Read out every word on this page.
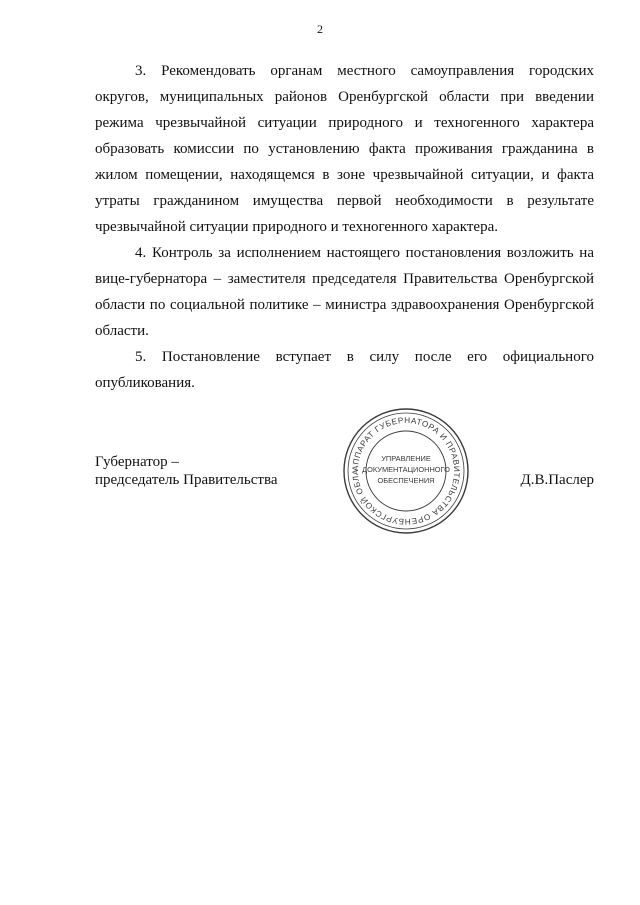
2

3. Рекомендовать органам местного самоуправления городских округов, муниципальных районов Оренбургской области при введении режима чрезвычайной ситуации природного и техногенного характера образовать комиссии по установлению факта проживания гражданина в жилом помещении, находящемся в зоне чрезвычайной ситуации, и факта утраты гражданином имущества первой необходимости в результате чрезвычайной ситуации природного и техногенного характера.

4. Контроль за исполнением настоящего постановления возложить на вице-губернатора – заместителя председателя Правительства Оренбургской области по социальной политике – министра здравоохранения Оренбургской области.

5. Постановление вступает в силу после его официального опубликования.

Губернатор –
председатель Правительства
АППАРАТ ГУБЕРНАТОРА И ПРАВИТЕЛЬСТВА ОРЕНБУРГСКОЙ ОБЛА
УПРАВЛЕНИЕ
ДОКУМЕНТАЦИОННОГО
ОБЕСПЕЧЕНИЯ	Д.В.Паслер
